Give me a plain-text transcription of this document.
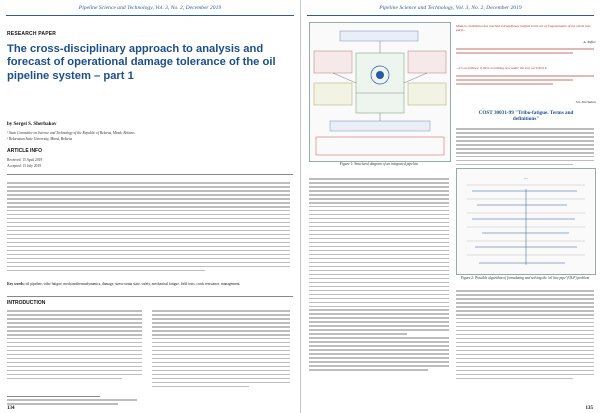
Pipeline Science and Technology, Vol. 3, No. 2, December 2019
RESEARCH PAPER
The cross-disciplinary approach to analysis and forecast of operational damage tolerance of the oil pipeline system – part 1
by Sergei S. Sherbakov
¹ State Committee on Science and Technology of the Republic of Belarus, Minsk, Belarus
² Belarusian State University, Minsk, Belarus
ARTICLE INFO
Received: 15 April 2019
Accepted: 15 July 2019
Key words: oil pipeline, tribo-fatigue, mechanothermodynamics, damage, stress-strain state, safety, mechanical fatigue, field tests, crack resistance, management.
INTRODUCTION
134
Pipeline Science and Technology, Vol. 3, No. 2, December 2019
Figure 1: Structural diagram of an integrated pipeline
Modern civilization has reached extraordinary heights in the art of fragmentation of the whole into parts...
A. Toffler
...it is as follows: if there is nothing new under the sun, we'll find it.
S.S. Sherbakov
COST 30031-99 "Tribo-fatigue. Terms and definitions"
...
Figure 2: Possible algorithm of formulating and solving the 'oil line pipe' (OLP) problem
135
